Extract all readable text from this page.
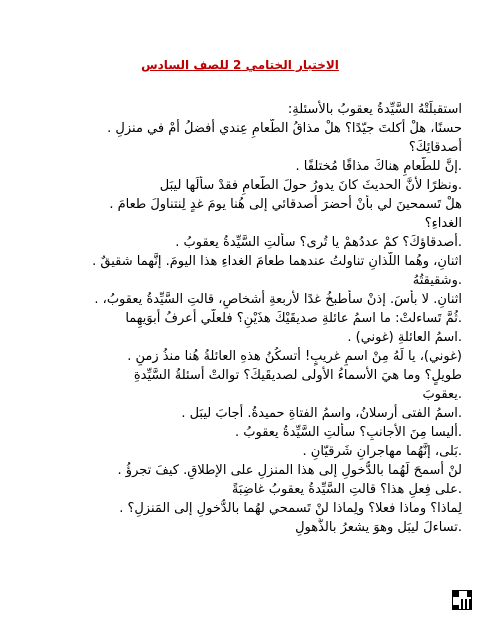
الاختبار الختامي 2 للصف السادس

استقبلَتْهُ السَّيِّدةُ يعقوبُ بالأسئلةِ:

حسنًا، هلْ أكلتَ جيّدًا؟ هلْ مذاقُ الطَّعامِ عِندي أفضلُ أمْ في منزلِ .

أصدقائِكَ؟

.إنَّ للطَّعامِ هناكَ مذاقًا مُختلفًا .

.ونظرًا لأنَّ الحديثَ كانَ يدورُ حولَ الطَّعامِ فقدْ سألَها ليبَل

هلْ تَسمحينَ لي بأنْ أُحضرَ أصدقائي إلى هُنا يومَ غدٍ لِنتناولَ طعامَ .

الغداءِ؟

.أصدقاؤكَ؟ كمْ عددُهمْ يا تُرى؟ سألتِ السَّيِّدةُ يعقوبُ .

اثنانِ، وهُما اللَّذانِ تناولتُ عندهما طعامَ الغداءِ هذا اليومَ. إنَّهما شقيقٌ .

.وشقيقتُهُ

اثنانِ. لا بأسَ. إذنْ سأطبخُ غدًا لأربعةِ أشخاصٍ، قالتِ السَّيِّدةُ يعقوبُ، .

.ثُمَّ تَساءلتْ: ما اسمُ عائلةِ صديقَيْكَ هذَيْنِ؟ فلعلّي أعرفُ أبوَيهِما

.اسمُ العائلةِ (غوني) .

(غوني)، يا لَهُ مِنْ اسمٍ غريبٍ! أتسكُنُ هذهِ العائلةُ هُنا منذُ زمنٍ .

طويلٍ؟ وما هيَ الأسماءُ الأولى لصديقَيكَ؟ توالتْ أسئلةُ السَّيِّدةِ

.يعقوبَ

.اسمُ الفتى أرسلانُ، واسمُ الفتاةِ حميدةُ. أجابَ ليبَل .

.أليسا مِنَ الأجانبِ؟ سألتِ السَّيِّدةُ يعقوبُ .

.بَلى، إنَّهُما مهاجرانِ شَرقيّانِ .

لنْ أسمحَ لَهُما بالدُّخولِ إلى هذا المنزلِ على الإطلاقِ. كيفَ تجرؤُ .

.على فِعلِ هذا؟ قالتِ السَّيِّدةُ يعقوبُ غاضِبَةً

لِماذا؟ وماذا فعلا؟ ولِماذا لنْ تَسمحي لهُما بالدُّخولِ إلى المَنزلِ؟ .

.تساءلَ ليبَل وهوَ يشعرُ بالذُّهولِ
